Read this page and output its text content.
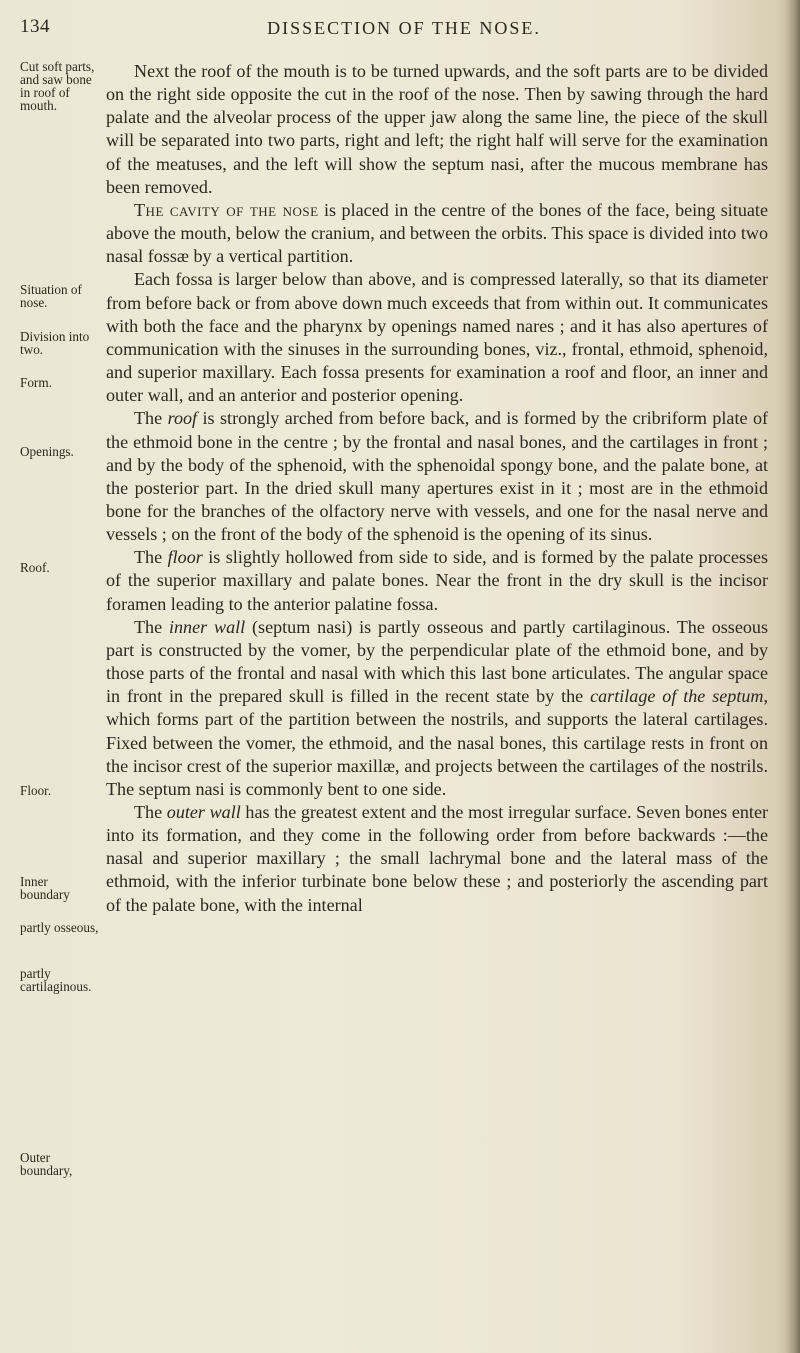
134	DISSECTION OF THE NOSE.
Cut soft parts, and saw bone in roof of mouth.
Situation of nose.
Division into two.
Form.
Openings.
Roof.
Floor.
Inner boundary
partly osseous,
partly cartilaginous.
Outer boundary,

Next the roof of the mouth is to be turned upwards, and the soft parts are to be divided on the right side opposite the cut in the roof of the nose. Then by sawing through the hard palate and the alveolar process of the upper jaw along the same line, the piece of the skull will be separated into two parts, right and left; the right half will serve for the examination of the meatuses, and the left will show the septum nasi, after the mucous membrane has been removed.

The cavity of the nose is placed in the centre of the bones of the face, being situate above the mouth, below the cranium, and between the orbits. This space is divided into two nasal fossæ by a vertical partition.

Each fossa is larger below than above, and is compressed laterally, so that its diameter from before back or from above down much exceeds that from within out. It communicates with both the face and the pharynx by openings named nares ; and it has also apertures of communication with the sinuses in the surrounding bones, viz., frontal, ethmoid, sphenoid, and superior maxillary. Each fossa presents for examination a roof and floor, an inner and outer wall, and an anterior and posterior opening.

The roof is strongly arched from before back, and is formed by the cribriform plate of the ethmoid bone in the centre ; by the frontal and nasal bones, and the cartilages in front ; and by the body of the sphenoid, with the sphenoidal spongy bone, and the palate bone, at the posterior part. In the dried skull many apertures exist in it ; most are in the ethmoid bone for the branches of the olfactory nerve with vessels, and one for the nasal nerve and vessels ; on the front of the body of the sphenoid is the opening of its sinus.

The floor is slightly hollowed from side to side, and is formed by the palate processes of the superior maxillary and palate bones. Near the front in the dry skull is the incisor foramen leading to the anterior palatine fossa.

The inner wall (septum nasi) is partly osseous and partly cartilaginous. The osseous part is constructed by the vomer, by the perpendicular plate of the ethmoid bone, and by those parts of the frontal and nasal with which this last bone articulates. The angular space in front in the prepared skull is filled in the recent state by the cartilage of the septum, which forms part of the partition between the nostrils, and supports the lateral cartilages. Fixed between the vomer, the ethmoid, and the nasal bones, this cartilage rests in front on the incisor crest of the superior maxillæ, and projects between the cartilages of the nostrils. The septum nasi is commonly bent to one side.

The outer wall has the greatest extent and the most irregular surface. Seven bones enter into its formation, and they come in the following order from before backwards :—the nasal and superior maxillary ; the small lachrymal bone and the lateral mass of the ethmoid, with the inferior turbinate bone below these ; and posteriorly the ascending part of the palate bone, with the internal
